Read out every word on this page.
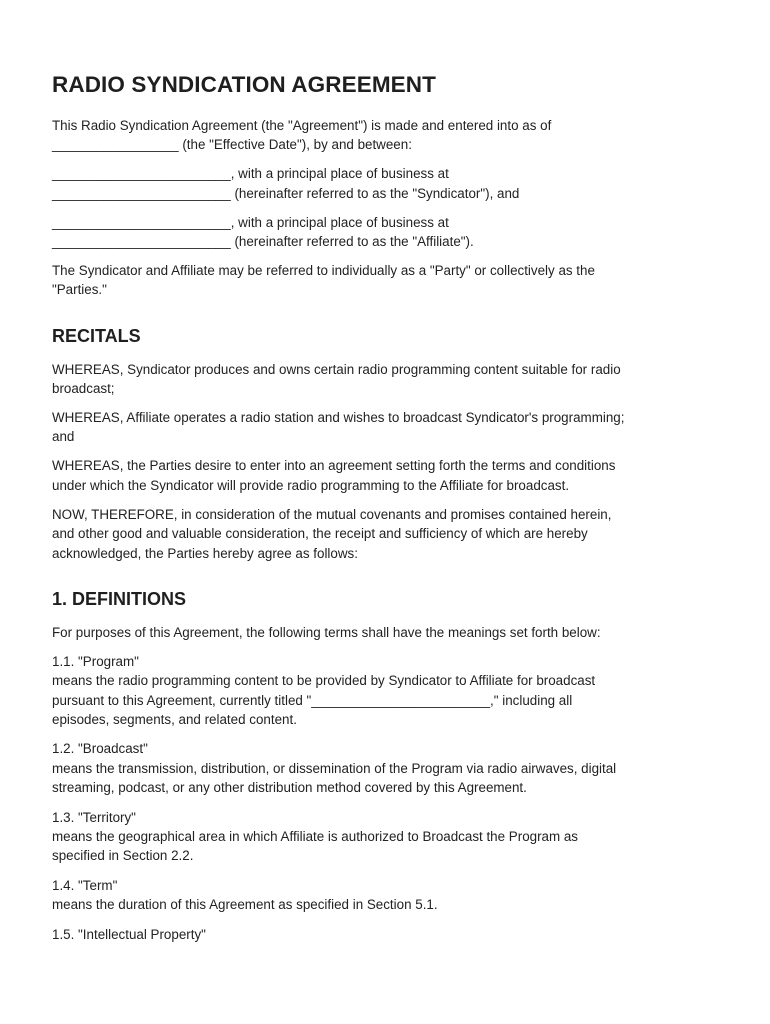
RADIO SYNDICATION AGREEMENT

This Radio Syndication Agreement (the "Agreement") is made and entered into as of
_________________ (the "Effective Date"), by and between:

________________________, with a principal place of business at
________________________ (hereinafter referred to as the "Syndicator"), and

________________________, with a principal place of business at
________________________ (hereinafter referred to as the "Affiliate").

The Syndicator and Affiliate may be referred to individually as a "Party" or collectively as the
"Parties."

RECITALS

WHEREAS, Syndicator produces and owns certain radio programming content suitable for radio
broadcast;

WHEREAS, Affiliate operates a radio station and wishes to broadcast Syndicator's programming;
and

WHEREAS, the Parties desire to enter into an agreement setting forth the terms and conditions
under which the Syndicator will provide radio programming to the Affiliate for broadcast.

NOW, THEREFORE, in consideration of the mutual covenants and promises contained herein,
and other good and valuable consideration, the receipt and sufficiency of which are hereby
acknowledged, the Parties hereby agree as follows:

1. DEFINITIONS

For purposes of this Agreement, the following terms shall have the meanings set forth below:

1.1. "Program"
means the radio programming content to be provided by Syndicator to Affiliate for broadcast
pursuant to this Agreement, currently titled "________________________," including all
episodes, segments, and related content.

1.2. "Broadcast"
means the transmission, distribution, or dissemination of the Program via radio airwaves, digital
streaming, podcast, or any other distribution method covered by this Agreement.

1.3. "Territory"
means the geographical area in which Affiliate is authorized to Broadcast the Program as
specified in Section 2.2.

1.4. "Term"
means the duration of this Agreement as specified in Section 5.1.

1.5. "Intellectual Property"
